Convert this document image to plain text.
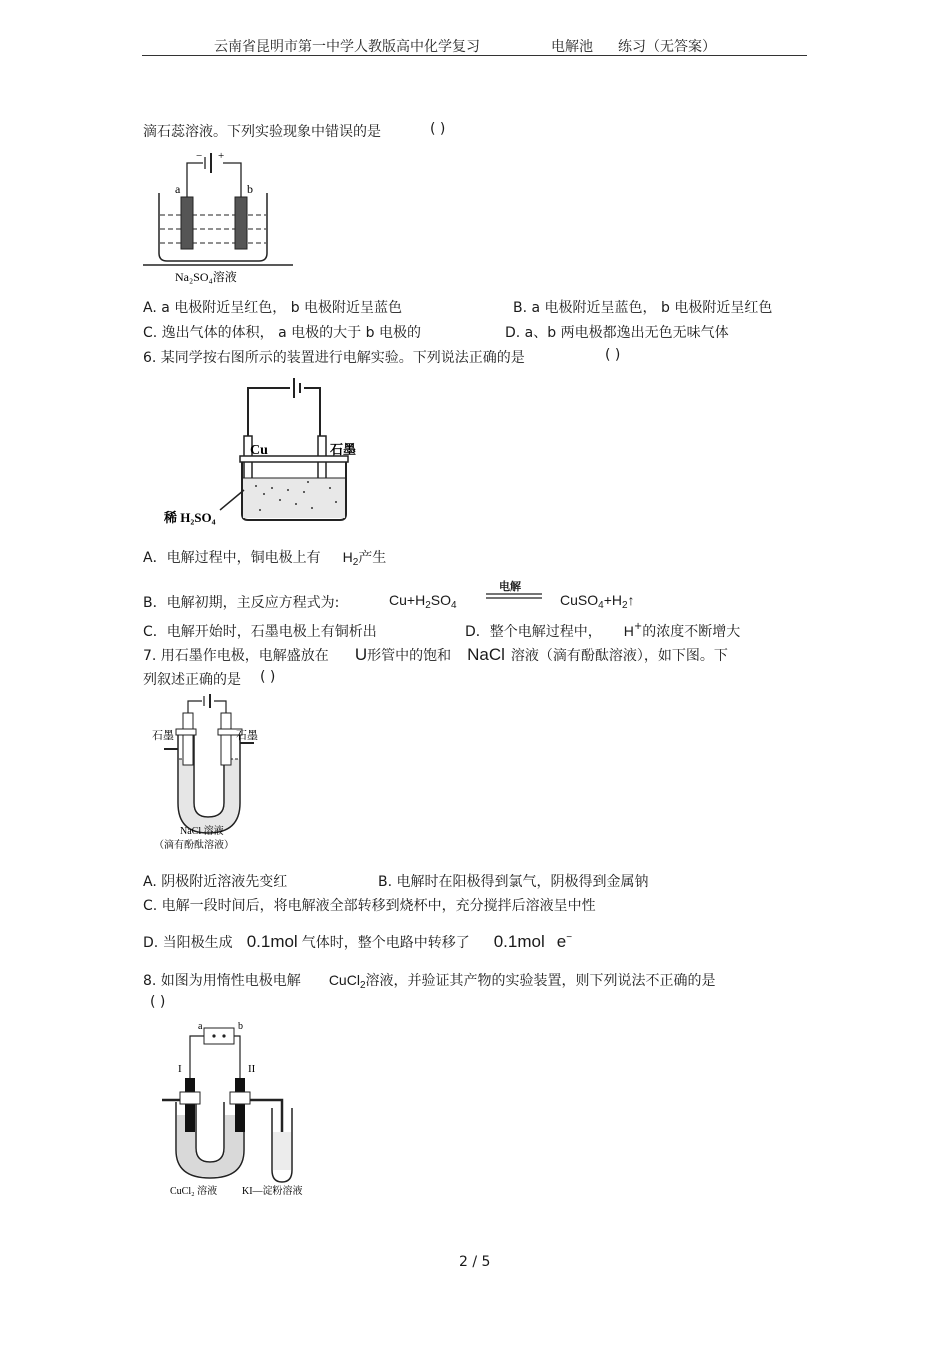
云南省昆明市第一中学人教版高中化学复习	电解池 练习（无答案）
滴石蕊溶液。下列实验现象中错误的是	( )
− +
a	b
Na₂SO₄溶液
A. a 电极附近呈红色， b 电极附近呈蓝色	B. a 电极附近呈蓝色， b 电极附近呈红色
C. 逸出气体的体积， a 电极的大于 b 电极的	D. a、b 两电极都逸出无色无味气体
6. 某同学按右图所示的装置进行电解实验。下列说法正确的是	( )
Cu	石墨
稀 H₂SO₄
A．电解过程中，铜电极上有 $H_2$产生
B．电解初期，主反应方程式为:	$Cu+H_2SO_4$
电解
$CuSO_4+H_2↑$
C．电解开始时，石墨电极上有铜析出	D．整个电解过程中， H+的浓度不断增大
7. 用石墨作电极，电解盛放在 U形管中的饱和 NaCl 溶液（滴有酚酞溶液），如下图。下
列叙述正确的是 ( )
石墨	石墨
NaCl 溶液
（滴有酚酞溶液）
A. 阴极附近溶液先变红	B. 电解时在阳极得到氯气，阴极得到金属钠
C. 电解一段时间后，将电解液全部转移到烧杯中，充分搅拌后溶液呈中性
D. 当阳极生成 0.1mol 气体时，整个电路中转移了 0.1mol e−
8. 如图为用惰性电极电解 CuCl$_2$溶液，并验证其产物的实验装置，则下列说法不正确的是
( )
a	b
I	II
CuCl₂ 溶液 KI—淀粉溶液
2 / 5
